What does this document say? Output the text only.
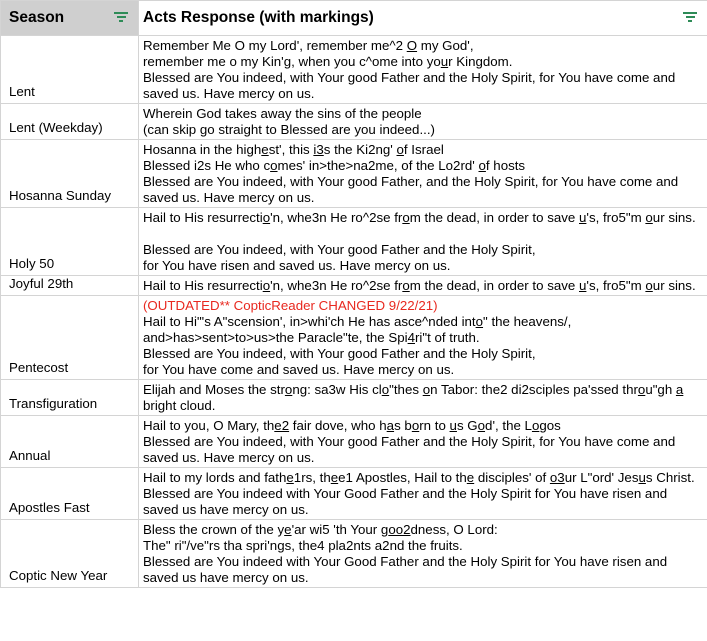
Season	Acts Response (with markings)

Lent	Remember Me O my Lord', remember me^2 O my God',
remember me o my Kin'g, when you c^ome into your Kingdom.
Blessed are You indeed, with Your good Father and the Holy Spirit, for You have come and saved us. Have mercy on us.

Lent (Weekday)	Wherein God takes away the sins of the people
(can skip go straight to Blessed are you indeed...)

Hosanna Sunday	Hosanna in the highest', this i3s the Ki2ng' of Israel
Blessed i2s He who comes' in>the>na2me, of the Lo2rd' of hosts
Blessed are You indeed, with Your good Father, and the Holy Spirit, for You have come and saved us. Have mercy on us.

Holy 50	Hail to His resurrectio'n, whe3n He ro^2se from the dead, in order to save u's, fro5"m our sins.
Blessed are You indeed, with Your good Father and the Holy Spirit,
for You have risen and saved us. Have mercy on us.

Joyful 29th	Hail to His resurrectio'n, whe3n He ro^2se from the dead, in order to save u's, fro5"m our sins.

Pentecost	(OUTDATED** CopticReader CHANGED 9/22/21)
Hail to Hi"'s A"scension', in>whi'ch He has asce^nded into" the heavens/,
and>has>sent>to>us>the Paracle"te, the Spi4ri"t of truth.
Blessed are You indeed, with Your good Father and the Holy Spirit,
for You have come and saved us. Have mercy on us.

Transfiguration	Elijah and Moses the strong: sa3w His clo"thes on Tabor: the2 di2sciples pa'ssed throu"gh a bright cloud.

Annual	Hail to you, O Mary, the2 fair dove, who has born to us God', the Logos
Blessed are You indeed, with Your good Father and the Holy Spirit, for You have come and saved us. Have mercy on us.

Apostles Fast	Hail to my lords and fathe1rs, thee1 Apostles, Hail to the disciples' of o3ur L"ord' Jesus Christ.
Blessed are You indeed with Your Good Father and the Holy Spirit for You have risen and saved us have mercy on us.

Coptic New Year	Bless the crown of the ye'ar wi5 'th Your goo2dness, O Lord:
The" ri"/ve"rs tha spri'ngs, the4 pla2nts a2nd the fruits.
Blessed are You indeed with Your Good Father and the Holy Spirit for You have risen and saved us have mercy on us.
